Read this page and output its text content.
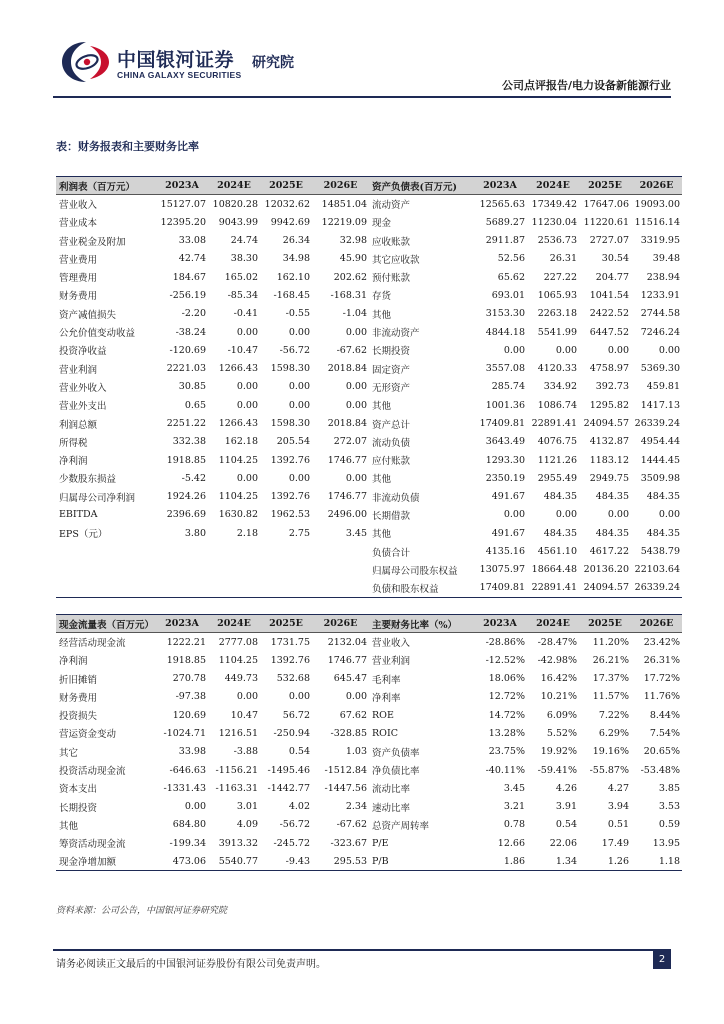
中国银河证券
CHINA GALAXY SECURITIES
研究院
公司点评报告/电力设备新能源行业
表：财务报表和主要财务比率
利润表（百万元）	2023A	2024E	2025E	2026E	资产负债表(百万元)	2023A	2024E	2025E	2026E
营业收入	15127.07	10820.28	12032.62	14851.04	流动资产	12565.63	17349.42	17647.06	19093.00
营业成本	12395.20	9043.99	9942.69	12219.09	现金	5689.27	11230.04	11220.61	11516.14
营业税金及附加	33.08	24.74	26.34	32.98	应收账款	2911.87	2536.73	2727.07	3319.95
营业费用	42.74	38.30	34.98	45.90	其它应收款	52.56	26.31	30.54	39.48
管理费用	184.67	165.02	162.10	202.62	预付账款	65.62	227.22	204.77	238.94
财务费用	-256.19	-85.34	-168.45	-168.31	存货	693.01	1065.93	1041.54	1233.91
资产减值损失	-2.20	-0.41	-0.55	-1.04	其他	3153.30	2263.18	2422.52	2744.58
公允价值变动收益	-38.24	0.00	0.00	0.00	非流动资产	4844.18	5541.99	6447.52	7246.24
投资净收益	-120.69	-10.47	-56.72	-67.62	长期投资	0.00	0.00	0.00	0.00
营业利润	2221.03	1266.43	1598.30	2018.84	固定资产	3557.08	4120.33	4758.97	5369.30
营业外收入	30.85	0.00	0.00	0.00	无形资产	285.74	334.92	392.73	459.81
营业外支出	0.65	0.00	0.00	0.00	其他	1001.36	1086.74	1295.82	1417.13
利润总额	2251.22	1266.43	1598.30	2018.84	资产总计	17409.81	22891.41	24094.57	26339.24
所得税	332.38	162.18	205.54	272.07	流动负债	3643.49	4076.75	4132.87	4954.44
净利润	1918.85	1104.25	1392.76	1746.77	应付账款	1293.30	1121.26	1183.12	1444.45
少数股东损益	-5.42	0.00	0.00	0.00	其他	2350.19	2955.49	2949.75	3509.98
归属母公司净利润	1924.26	1104.25	1392.76	1746.77	非流动负债	491.67	484.35	484.35	484.35
EBITDA	2396.69	1630.82	1962.53	2496.00	长期借款	0.00	0.00	0.00	0.00
EPS（元）	3.80	2.18	2.75	3.45	其他	491.67	484.35	484.35	484.35
					负债合计	4135.16	4561.10	4617.22	5438.79
					归属母公司股东权益	13075.97	18664.48	20136.20	22103.64
					负债和股东权益	17409.81	22891.41	24094.57	26339.24
现金流量表（百万元）	2023A	2024E	2025E	2026E	主要财务比率（%）	2023A	2024E	2025E	2026E
经营活动现金流	1222.21	2777.08	1731.75	2132.04	营业收入	-28.86%	-28.47%	11.20%	23.42%
净利润	1918.85	1104.25	1392.76	1746.77	营业利润	-12.52%	-42.98%	26.21%	26.31%
折旧摊销	270.78	449.73	532.68	645.47	毛利率	18.06%	16.42%	17.37%	17.72%
财务费用	-97.38	0.00	0.00	0.00	净利率	12.72%	10.21%	11.57%	11.76%
投资损失	120.69	10.47	56.72	67.62	ROE	14.72%	6.09%	7.22%	8.44%
营运资金变动	-1024.71	1216.51	-250.94	-328.85	ROIC	13.28%	5.52%	6.29%	7.54%
其它	33.98	-3.88	0.54	1.03	资产负债率	23.75%	19.92%	19.16%	20.65%
投资活动现金流	-646.63	-1156.21	-1495.46	-1512.84	净负债比率	-40.11%	-59.41%	-55.87%	-53.48%
资本支出	-1331.43	-1163.31	-1442.77	-1447.56	流动比率	3.45	4.26	4.27	3.85
长期投资	0.00	3.01	4.02	2.34	速动比率	3.21	3.91	3.94	3.53
其他	684.80	4.09	-56.72	-67.62	总资产周转率	0.78	0.54	0.51	0.59
筹资活动现金流	-199.34	3913.32	-245.72	-323.67	P/E	12.66	22.06	17.49	13.95
现金净增加额	473.06	5540.77	-9.43	295.53	P/B	1.86	1.34	1.26	1.18
资料来源：公司公告，中国银河证券研究院
请务必阅读正文最后的中国银河证券股份有限公司免责声明。	2
